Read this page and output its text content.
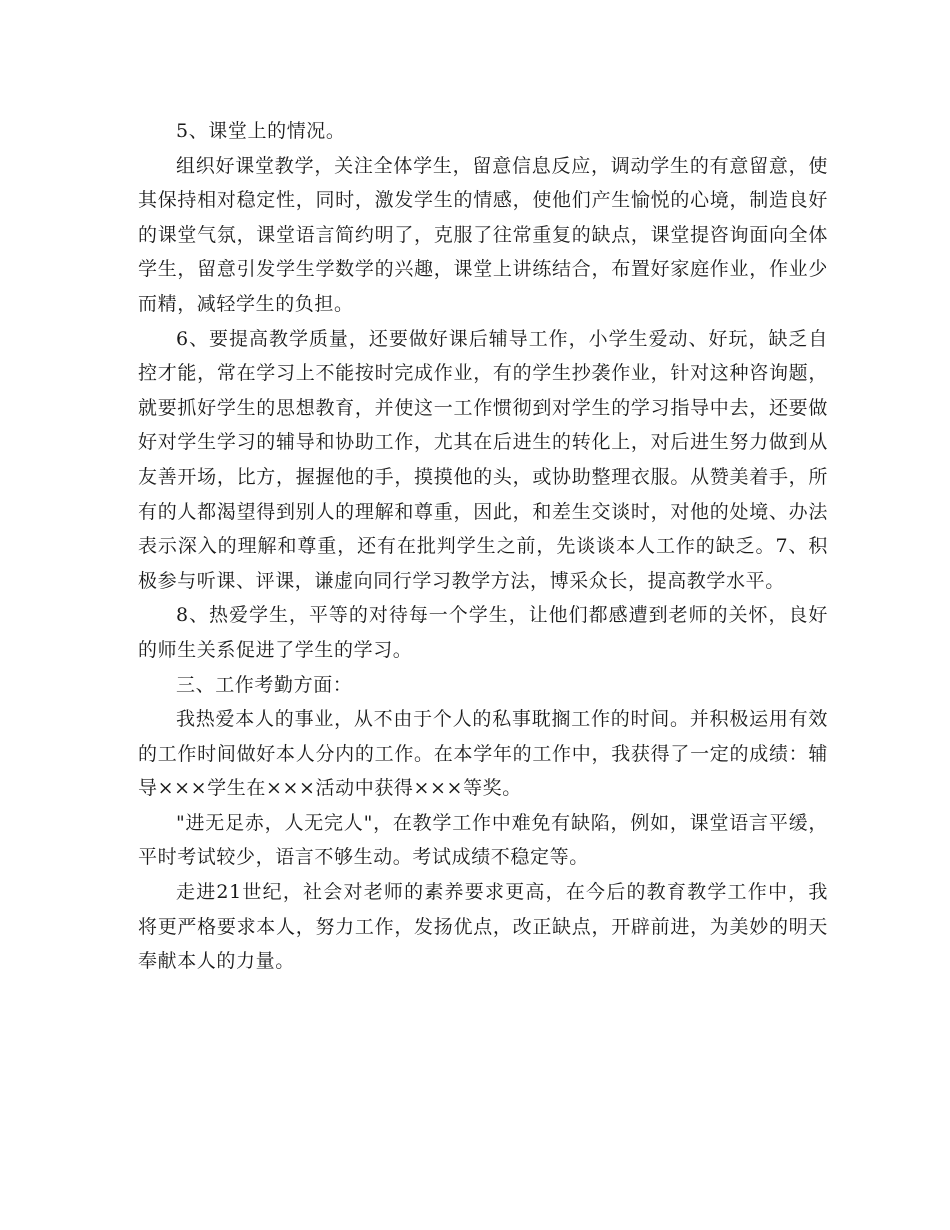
5、课堂上的情况。

组织好课堂教学，关注全体学生，留意信息反应，调动学生的有意留意，使其保持相对稳定性，同时，激发学生的情感，使他们产生愉悦的心境，制造良好的课堂气氛，课堂语言简约明了，克服了往常重复的缺点，课堂提咨询面向全体学生，留意引发学生学数学的兴趣，课堂上讲练结合，布置好家庭作业，作业少而精，减轻学生的负担。

6、要提高教学质量，还要做好课后辅导工作，小学生爱动、好玩，缺乏自控才能，常在学习上不能按时完成作业，有的学生抄袭作业，针对这种咨询题，就要抓好学生的思想教育，并使这一工作惯彻到对学生的学习指导中去，还要做好对学生学习的辅导和协助工作，尤其在后进生的转化上，对后进生努力做到从友善开场，比方，握握他的手，摸摸他的头，或协助整理衣服。从赞美着手，所有的人都渴望得到别人的理解和尊重，因此，和差生交谈时，对他的处境、办法表示深入的理解和尊重，还有在批判学生之前，先谈谈本人工作的缺乏。7、积极参与听课、评课，谦虚向同行学习教学方法，博采众长，提高教学水平。

8、热爱学生，平等的对待每一个学生，让他们都感遭到老师的关怀，良好的师生关系促进了学生的学习。

三、工作考勤方面：

我热爱本人的事业，从不由于个人的私事耽搁工作的时间。并积极运用有效的工作时间做好本人分内的工作。在本学年的工作中，我获得了一定的成绩：辅导×××学生在×××活动中获得×××等奖。

"进无足赤，人无完人"，在教学工作中难免有缺陷，例如，课堂语言平缓，平时考试较少，语言不够生动。考试成绩不稳定等。

走进21世纪，社会对老师的素养要求更高，在今后的教育教学工作中，我将更严格要求本人，努力工作，发扬优点，改正缺点，开辟前进，为美妙的明天奉献本人的力量。
